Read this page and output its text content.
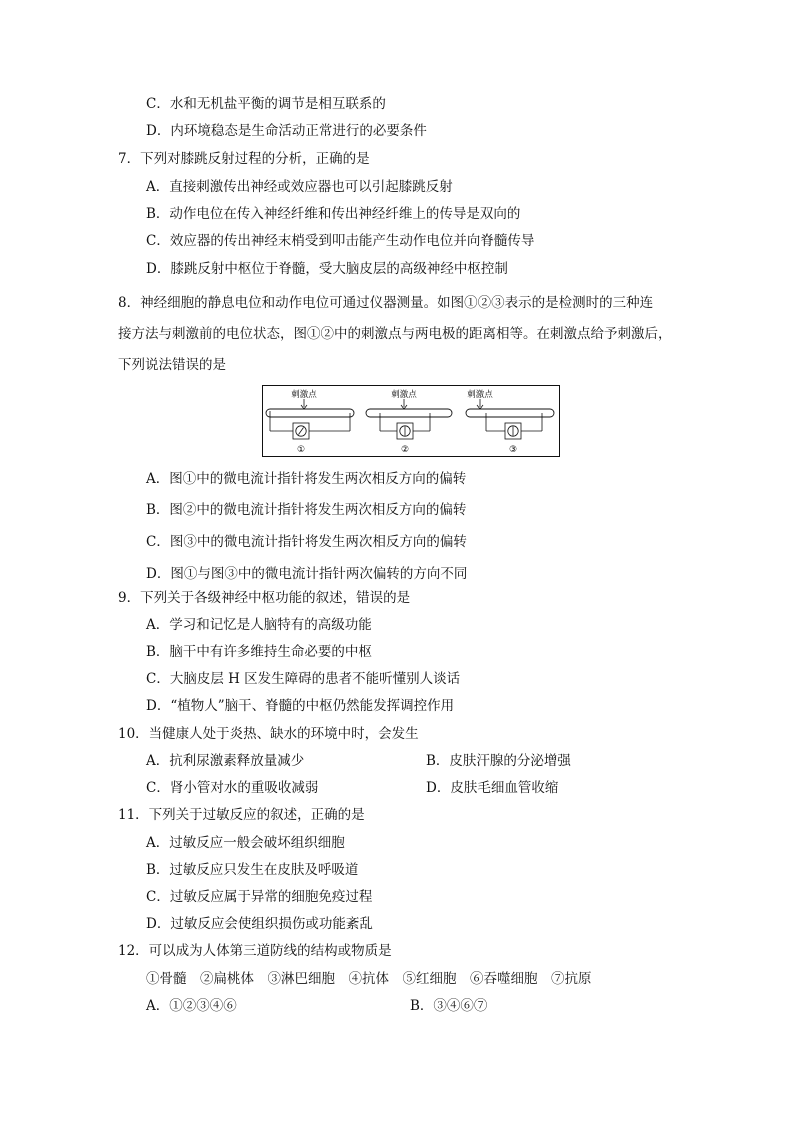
C．水和无机盐平衡的调节是相互联系的
D．内环境稳态是生命活动正常进行的必要条件
7．下列对膝跳反射过程的分析，正确的是
A．直接刺激传出神经或效应器也可以引起膝跳反射
B．动作电位在传入神经纤维和传出神经纤维上的传导是双向的
C．效应器的传出神经末梢受到叩击能产生动作电位并向脊髓传导
D．膝跳反射中枢位于脊髓，受大脑皮层的高级神经中枢控制
8．神经细胞的静息电位和动作电位可通过仪器测量。如图①②③表示的是检测时的三种连
接方法与刺激前的电位状态，图①②中的刺激点与两电极的距离相等。在刺激点给予刺激后，
下列说法错误的是
刺激点
①
刺激点
②
刺激点
③
A．图①中的微电流计指针将发生两次相反方向的偏转
B．图②中的微电流计指针将发生两次相反方向的偏转
C．图③中的微电流计指针将发生两次相反方向的偏转
D．图①与图③中的微电流计指针两次偏转的方向不同
9．下列关于各级神经中枢功能的叙述，错误的是
A．学习和记忆是人脑特有的高级功能
B．脑干中有许多维持生命必要的中枢
C．大脑皮层 H 区发生障碍的患者不能听懂别人谈话
D．“植物人”脑干、脊髓的中枢仍然能发挥调控作用
10．当健康人处于炎热、缺水的环境中时，会发生
A．抗利尿激素释放量减少	B．皮肤汗腺的分泌增强
C．肾小管对水的重吸收减弱	D．皮肤毛细血管收缩
11．下列关于过敏反应的叙述，正确的是
A．过敏反应一般会破坏组织细胞
B．过敏反应只发生在皮肤及呼吸道
C．过敏反应属于异常的细胞免疫过程
D．过敏反应会使组织损伤或功能紊乱
12．可以成为人体第三道防线的结构或物质是
①骨髓　②扁桃体　③淋巴细胞　④抗体　⑤红细胞　⑥吞噬细胞　⑦抗原
A．①②③④⑥	B．③④⑥⑦
